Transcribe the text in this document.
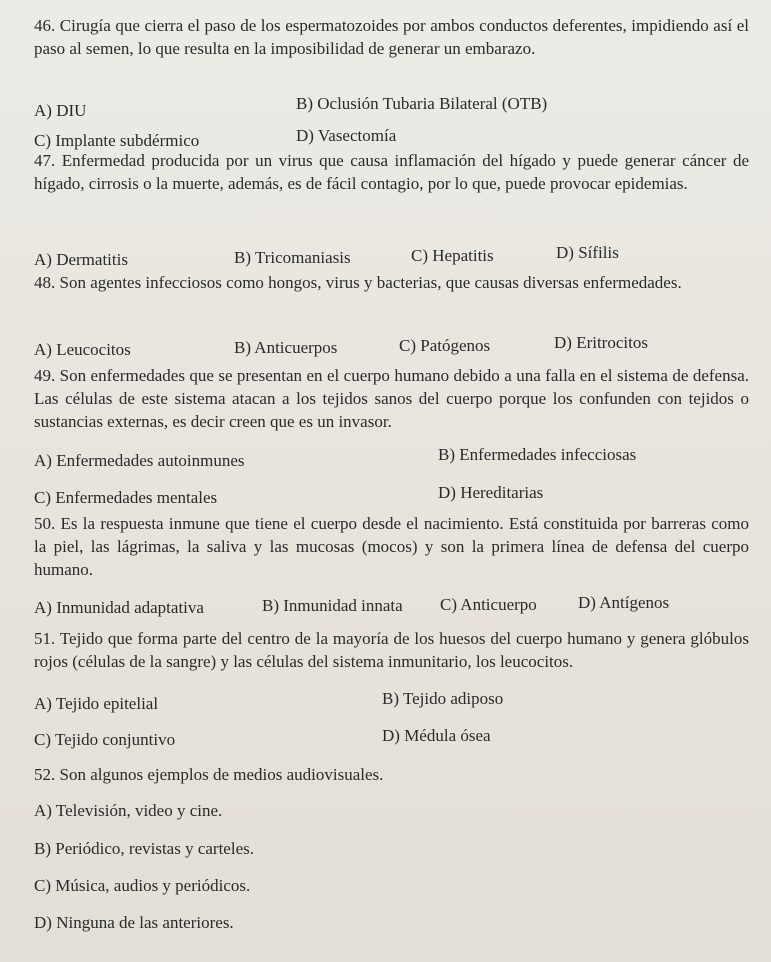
46. Cirugía que cierra el paso de los espermatozoides por ambos conductos deferentes, impidiendo así el paso al semen, lo que resulta en la imposibilidad de generar un embarazo.
A) DIU	B) Oclusión Tubaria Bilateral (OTB)
C) Implante subdérmico	D) Vasectomía
47. Enfermedad producida por un virus que causa inflamación del hígado y puede generar cáncer de hígado, cirrosis o la muerte, además, es de fácil contagio, por lo que, puede provocar epidemias.
A) Dermatitis	B) Tricomaniasis	C) Hepatitis	D) Sífilis
48. Son agentes infecciosos como hongos, virus y bacterias, que causas diversas enfermedades.
A) Leucocitos	B) Anticuerpos	C) Patógenos	D) Eritrocitos
49. Son enfermedades que se presentan en el cuerpo humano debido a una falla en el sistema de defensa. Las células de este sistema atacan a los tejidos sanos del cuerpo porque los confunden con tejidos o sustancias externas, es decir creen que es un invasor.
A) Enfermedades autoinmunes	B) Enfermedades infecciosas
C) Enfermedades mentales	D) Hereditarias
50. Es la respuesta inmune que tiene el cuerpo desde el nacimiento. Está constituida por barreras como la piel, las lágrimas, la saliva y las mucosas (mocos) y son la primera línea de defensa del cuerpo humano.
A) Inmunidad adaptativa	B) Inmunidad innata C) Anticuerpo D) Antígenos
51. Tejido que forma parte del centro de la mayoría de los huesos del cuerpo humano y genera glóbulos rojos (células de la sangre) y las células del sistema inmunitario, los leucocitos.
A) Tejido epitelial	B) Tejido adiposo
C) Tejido conjuntivo	D) Médula ósea
52. Son algunos ejemplos de medios audiovisuales.
A) Televisión, video y cine.
B) Periódico, revistas y carteles.
C) Música, audios y periódicos.
D) Ninguna de las anteriores.
